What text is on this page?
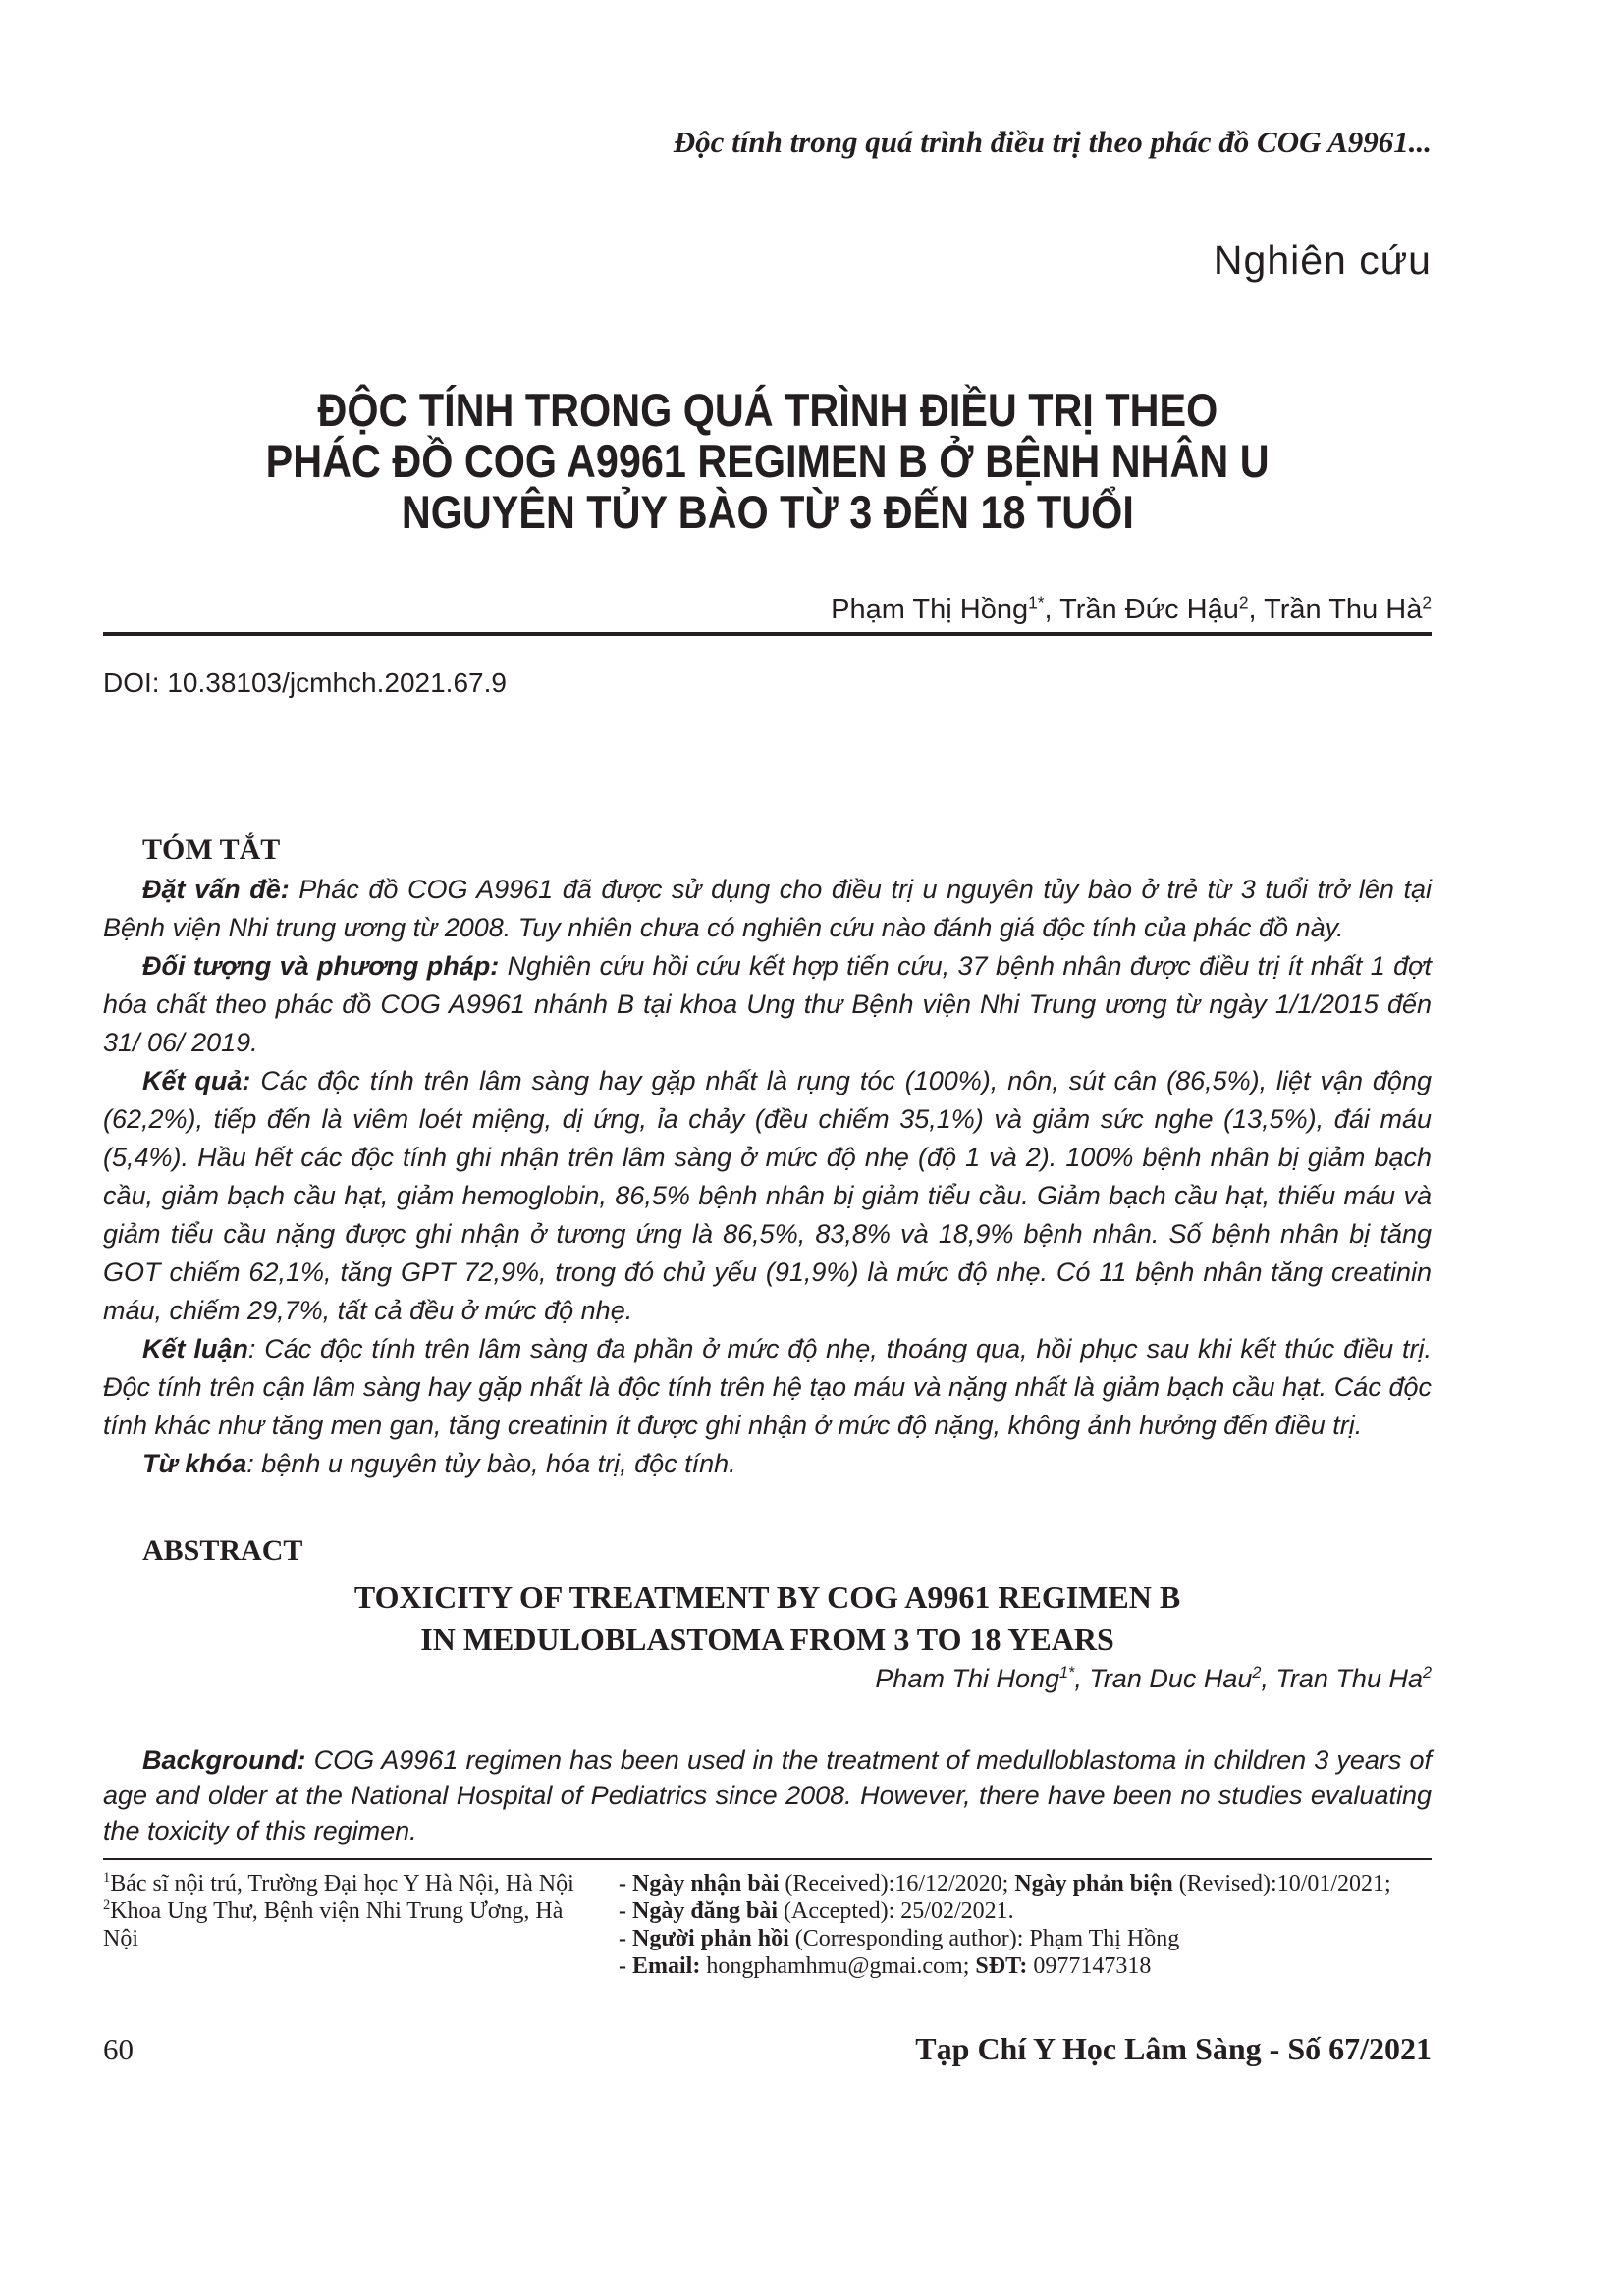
Độc tính trong quá trình điều trị theo phác đồ COG A9961...
Nghiên cứu
ĐỘC TÍNH TRONG QUÁ TRÌNH ĐIỀU TRỊ THEO
PHÁC ĐỒ COG A9961 REGIMEN B Ở BỆNH NHÂN U
NGUYÊN TỦY BÀO TỪ 3 ĐẾN 18 TUỔI
Phạm Thị Hồng$^{1*}$, Trần Đức Hậu$^2$, Trần Thu $Hà^2$
DOI: 10.38103/jcmhch.2021.67.9
TÓM TẮT

Đặt vấn đề: Phác đồ COG A9961 đã được sử dụng cho điều trị u nguyên tủy bào ở trẻ từ 3 tuổi trở lên tại Bệnh viện Nhi trung ương từ 2008. Tuy nhiên chưa có nghiên cứu nào đánh giá độc tính của phác đồ này.

Đối tượng và phương pháp: Nghiên cứu hồi cứu kết hợp tiến cứu, 37 bệnh nhân được điều trị ít nhất 1 đợt hóa chất theo phác đồ COG A9961 nhánh B tại khoa Ung thư Bệnh viện Nhi Trung ương từ ngày 1/1/2015 đến 31/ 06/ 2019.

Kết quả: Các độc tính trên lâm sàng hay gặp nhất là rụng tóc (100%), nôn, sút cân (86,5%), liệt vận động (62,2%), tiếp đến là viêm loét miệng, dị ứng, ỉa chảy (đều chiếm 35,1%) và giảm sức nghe (13,5%), đái máu (5,4%). Hầu hết các độc tính ghi nhận trên lâm sàng ở mức độ nhẹ (độ 1 và 2). 100% bệnh nhân bị giảm bạch cầu, giảm bạch cầu hạt, giảm hemoglobin, 86,5% bệnh nhân bị giảm tiểu cầu. Giảm bạch cầu hạt, thiếu máu và giảm tiểu cầu nặng được ghi nhận ở tương ứng là 86,5%, 83,8% và 18,9% bệnh nhân. Số bệnh nhân bị tăng GOT chiếm 62,1%, tăng GPT 72,9%, trong đó chủ yếu (91,9%) là mức độ nhẹ. Có 11 bệnh nhân tăng creatinin máu, chiếm 29,7%, tất cả đều ở mức độ nhẹ.

Kết luận: Các độc tính trên lâm sàng đa phần ở mức độ nhẹ, thoáng qua, hồi phục sau khi kết thúc điều trị. Độc tính trên cận lâm sàng hay gặp nhất là độc tính trên hệ tạo máu và nặng nhất là giảm bạch cầu hạt. Các độc tính khác như tăng men gan, tăng creatinin ít được ghi nhận ở mức độ nặng, không ảnh hưởng đến điều trị.

Từ khóa: bệnh u nguyên tủy bào, hóa trị, độc tính.

ABSTRACT
TOXICITY OF TREATMENT BY COG A9961 REGIMEN B
IN MEDULOBLASTOMA FROM 3 TO 18 YEARS
Pham Thi Hong$^{1*}$, Tran Duc Hau$^2$, Tran Thu Ha$^2$

Background: COG A9961 regimen has been used in the treatment of medulloblastoma in children 3 years of age and older at the National Hospital of Pediatrics since 2008. However, there have been no studies evaluating the toxicity of this regimen.

$^1$Bác sĩ nội trú, Trường Đại học Y Hà Nội, Hà Nội

$^2$Khoa Ung Thư, Bệnh viện Nhi Trung Ương, Hà Nội

- Ngày nhận bài (Received):16/12/2020; Ngày phản biện (Revised):10/01/2021;

- Ngày đăng bài (Accepted): 25/02/2021.

- Người phản hồi (Corresponding author): Phạm Thị Hồng

- Email: hongphamhmu@gmai.com; SĐT: 0977147318

60	Tạp Chí Y Học Lâm Sàng - Số 67/2021
